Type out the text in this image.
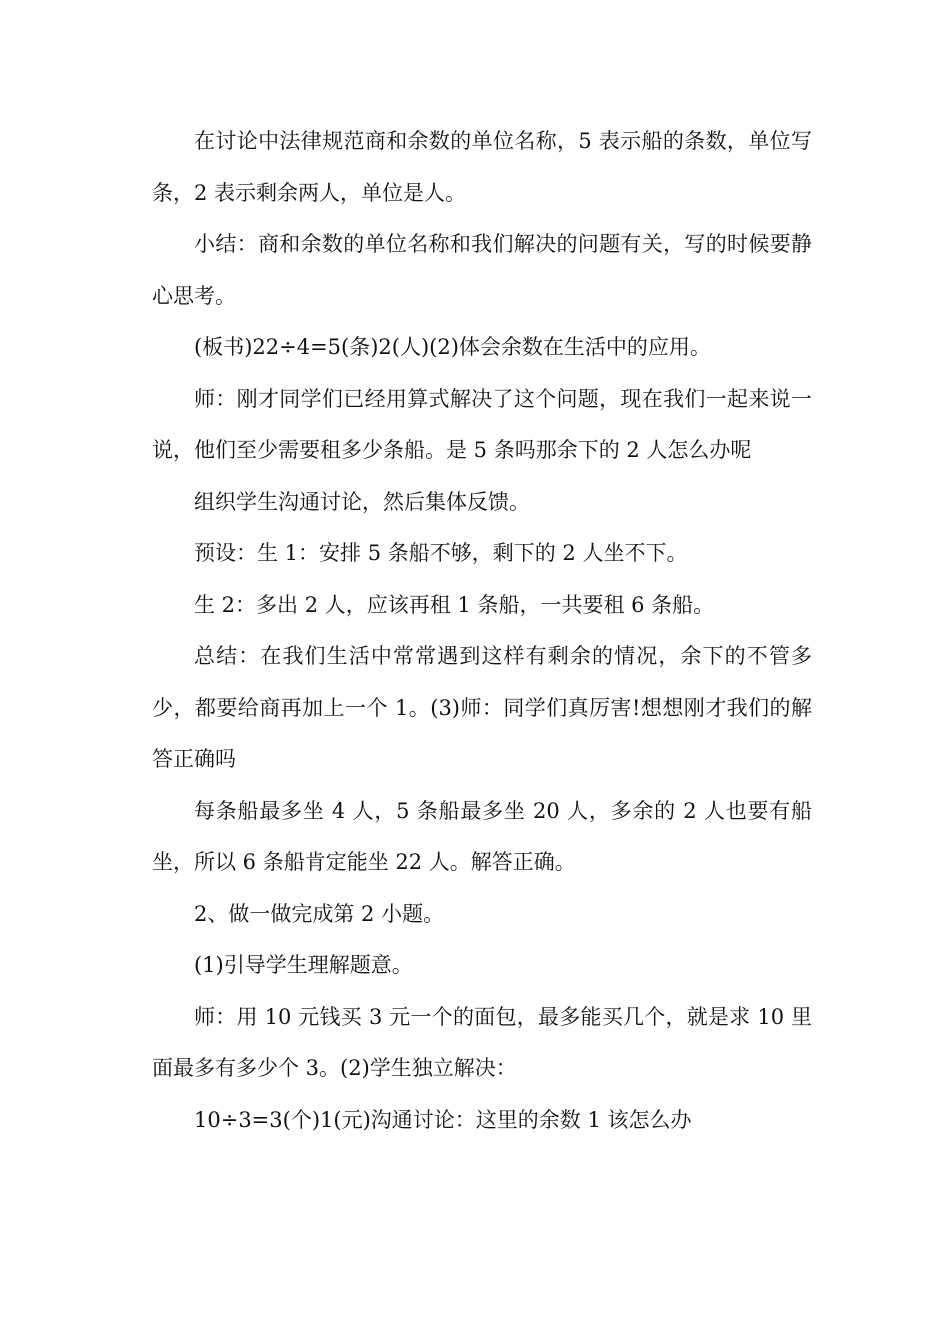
在讨论中法律规范商和余数的单位名称，5 表示船的条数，单位写条，2 表示剩余两人，单位是人。

小结：商和余数的单位名称和我们解决的问题有关，写的时候要静心思考。

(板书)22÷4=5(条)2(人)(2)体会余数在生活中的应用。

师：刚才同学们已经用算式解决了这个问题，现在我们一起来说一说，他们至少需要租多少条船。是 5 条吗那余下的 2 人怎么办呢

组织学生沟通讨论，然后集体反馈。

预设：生 1：安排 5 条船不够，剩下的 2 人坐不下。

生 2：多出 2 人，应该再租 1 条船，一共要租 6 条船。

总结：在我们生活中常常遇到这样有剩余的情况，余下的不管多少，都要给商再加上一个 1。(3)师：同学们真厉害!想想刚才我们的解答正确吗

每条船最多坐 4 人，5 条船最多坐 20 人，多余的 2 人也要有船坐，所以 6 条船肯定能坐 22 人。解答正确。

2、做一做完成第 2 小题。

(1)引导学生理解题意。

师：用 10 元钱买 3 元一个的面包，最多能买几个，就是求 10 里面最多有多少个 3。(2)学生独立解决：

10÷3=3(个)1(元)沟通讨论：这里的余数 1 该怎么办
